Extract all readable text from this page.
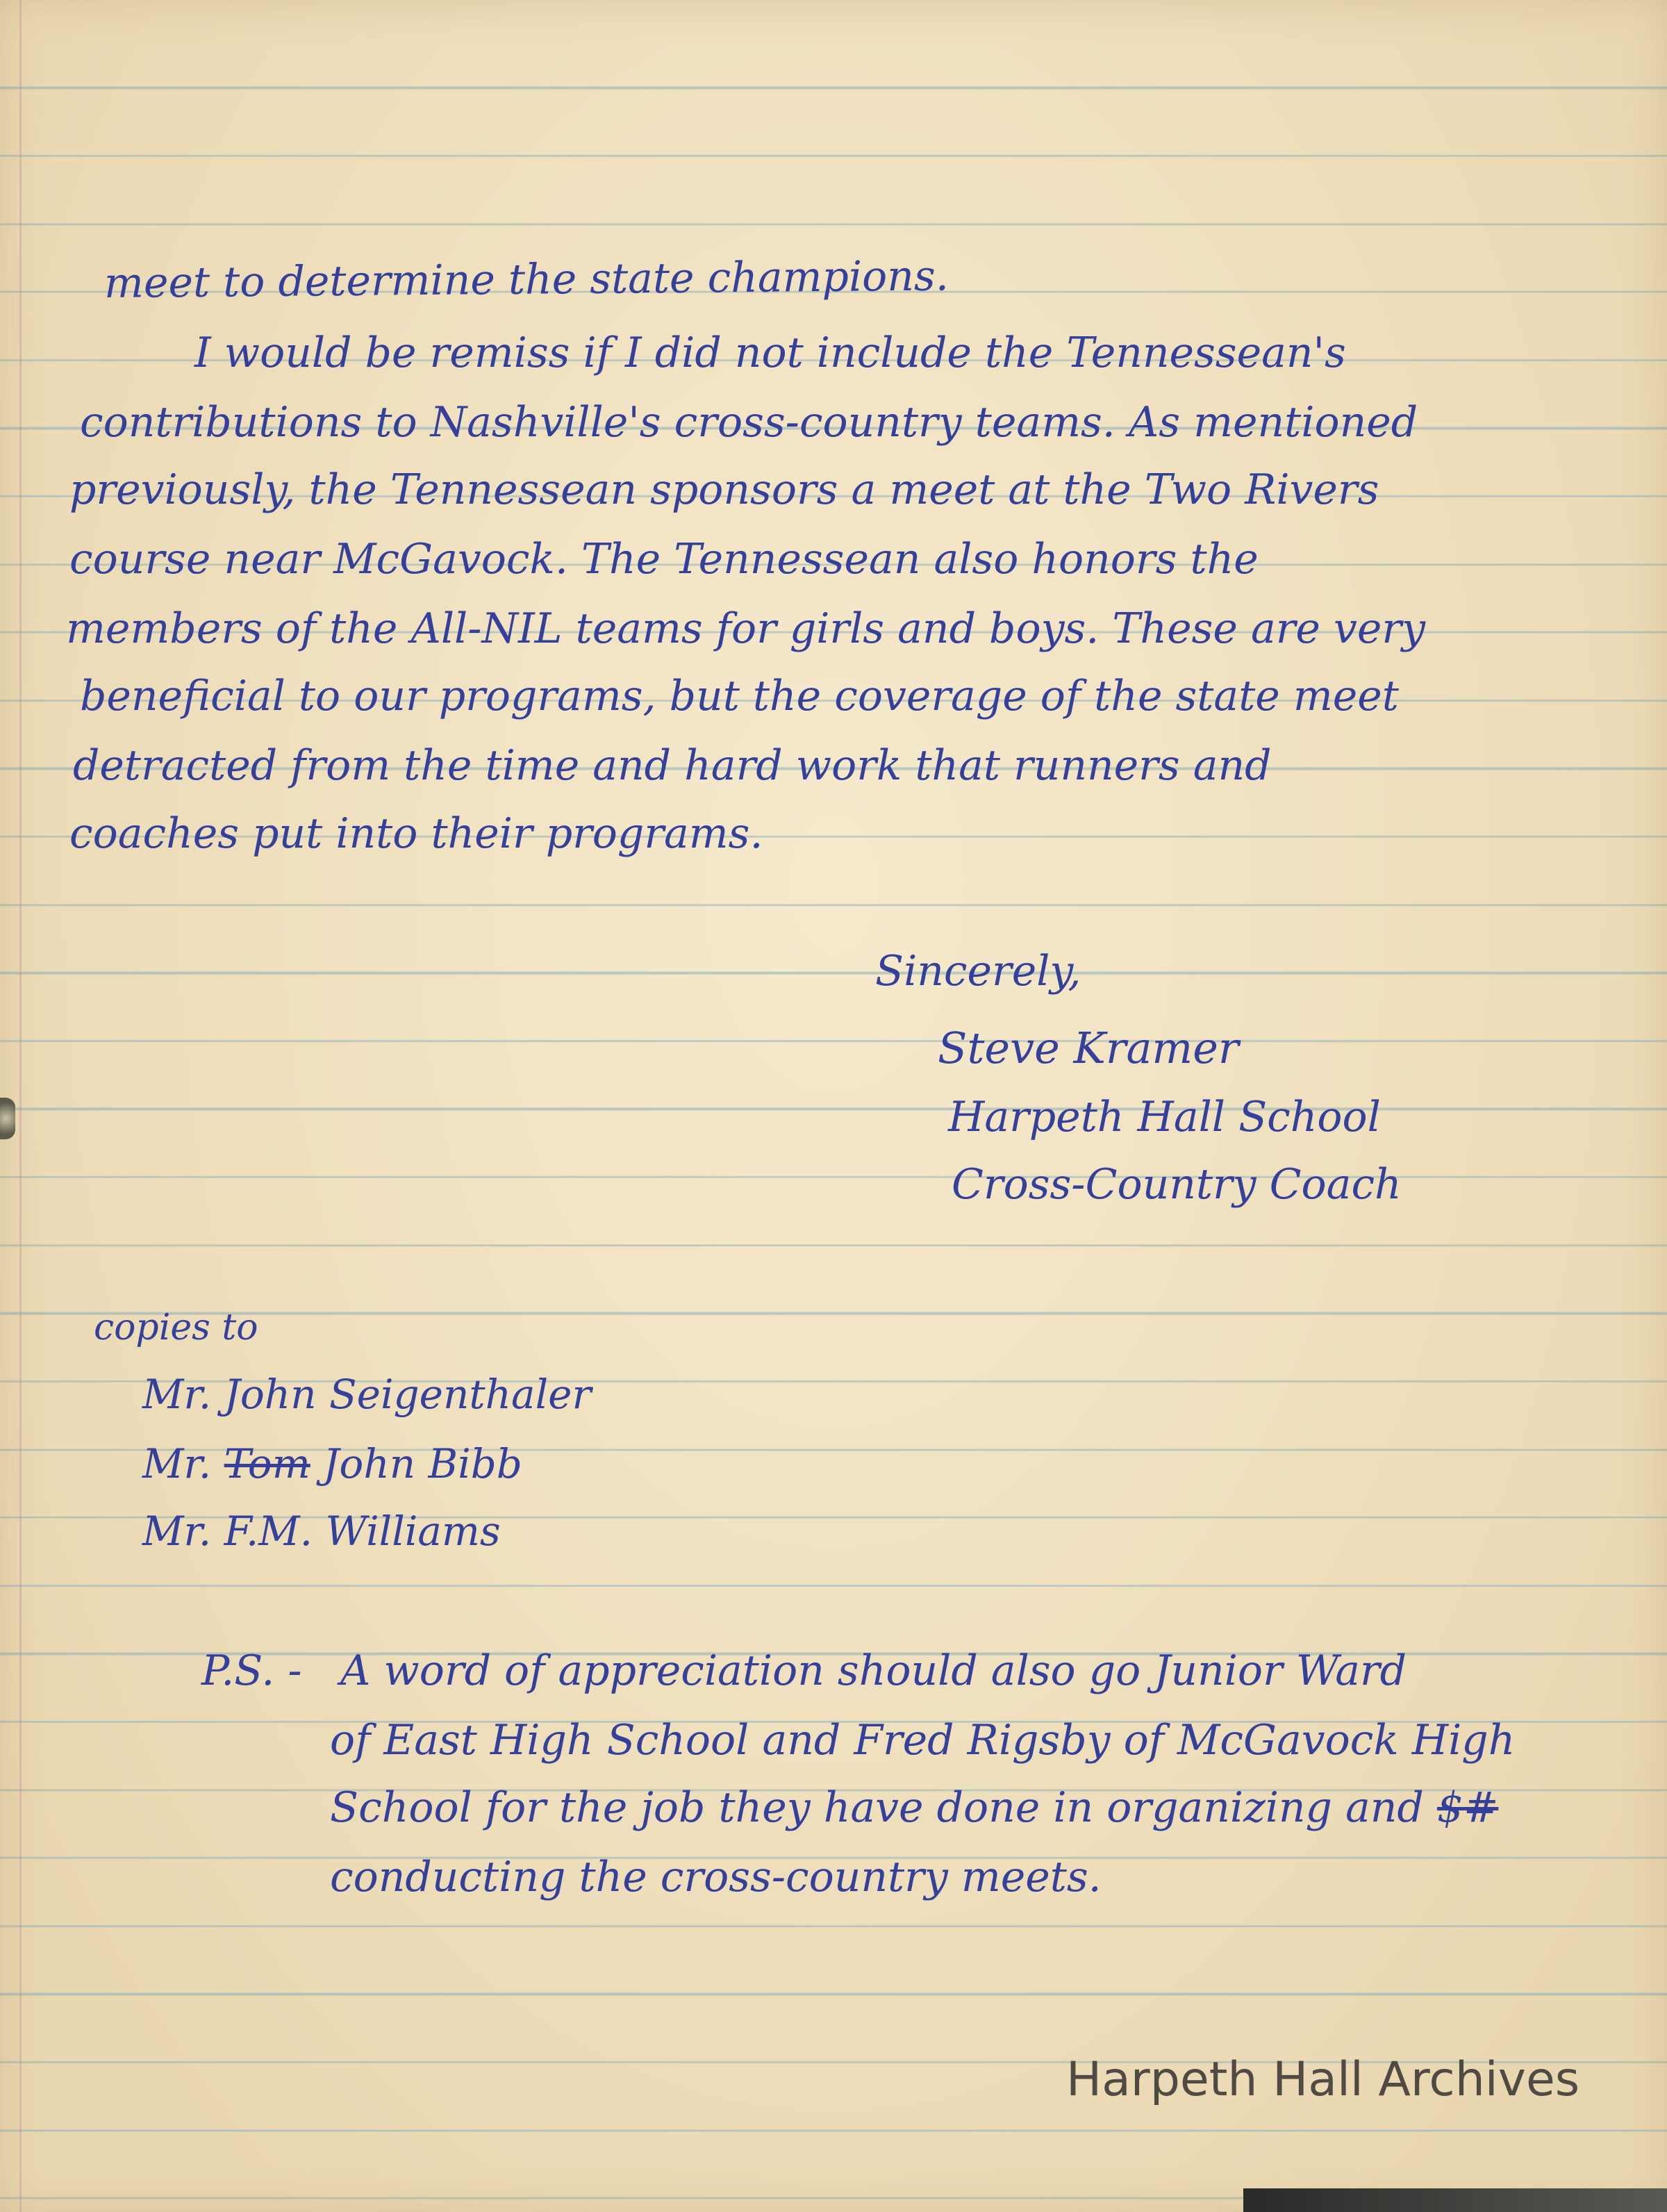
meet to determine the state champions.

I would be remiss if I did not include the Tennessean's

contributions to Nashville's cross-country teams. As mentioned

previously, the Tennessean sponsors a meet at the Two Rivers

course near McGavock. The Tennessean also honors the

members of the All-NIL teams for girls and boys. These are very

beneficial to our programs, but the coverage of the state meet

detracted from the time and hard work that runners and

coaches put into their programs.

Sincerely,

Steve Kramer

Harpeth Hall School

Cross-Country Coach

copies to

Mr. John Seigenthaler

Mr. Tom John Bibb

Mr. F.M. Williams

P.S. - A word of appreciation should also go Junior Ward

of East High School and Fred Rigsby of McGavock High

School for the job they have done in organizing and $#

conducting the cross-country meets.

Harpeth Hall Archives
